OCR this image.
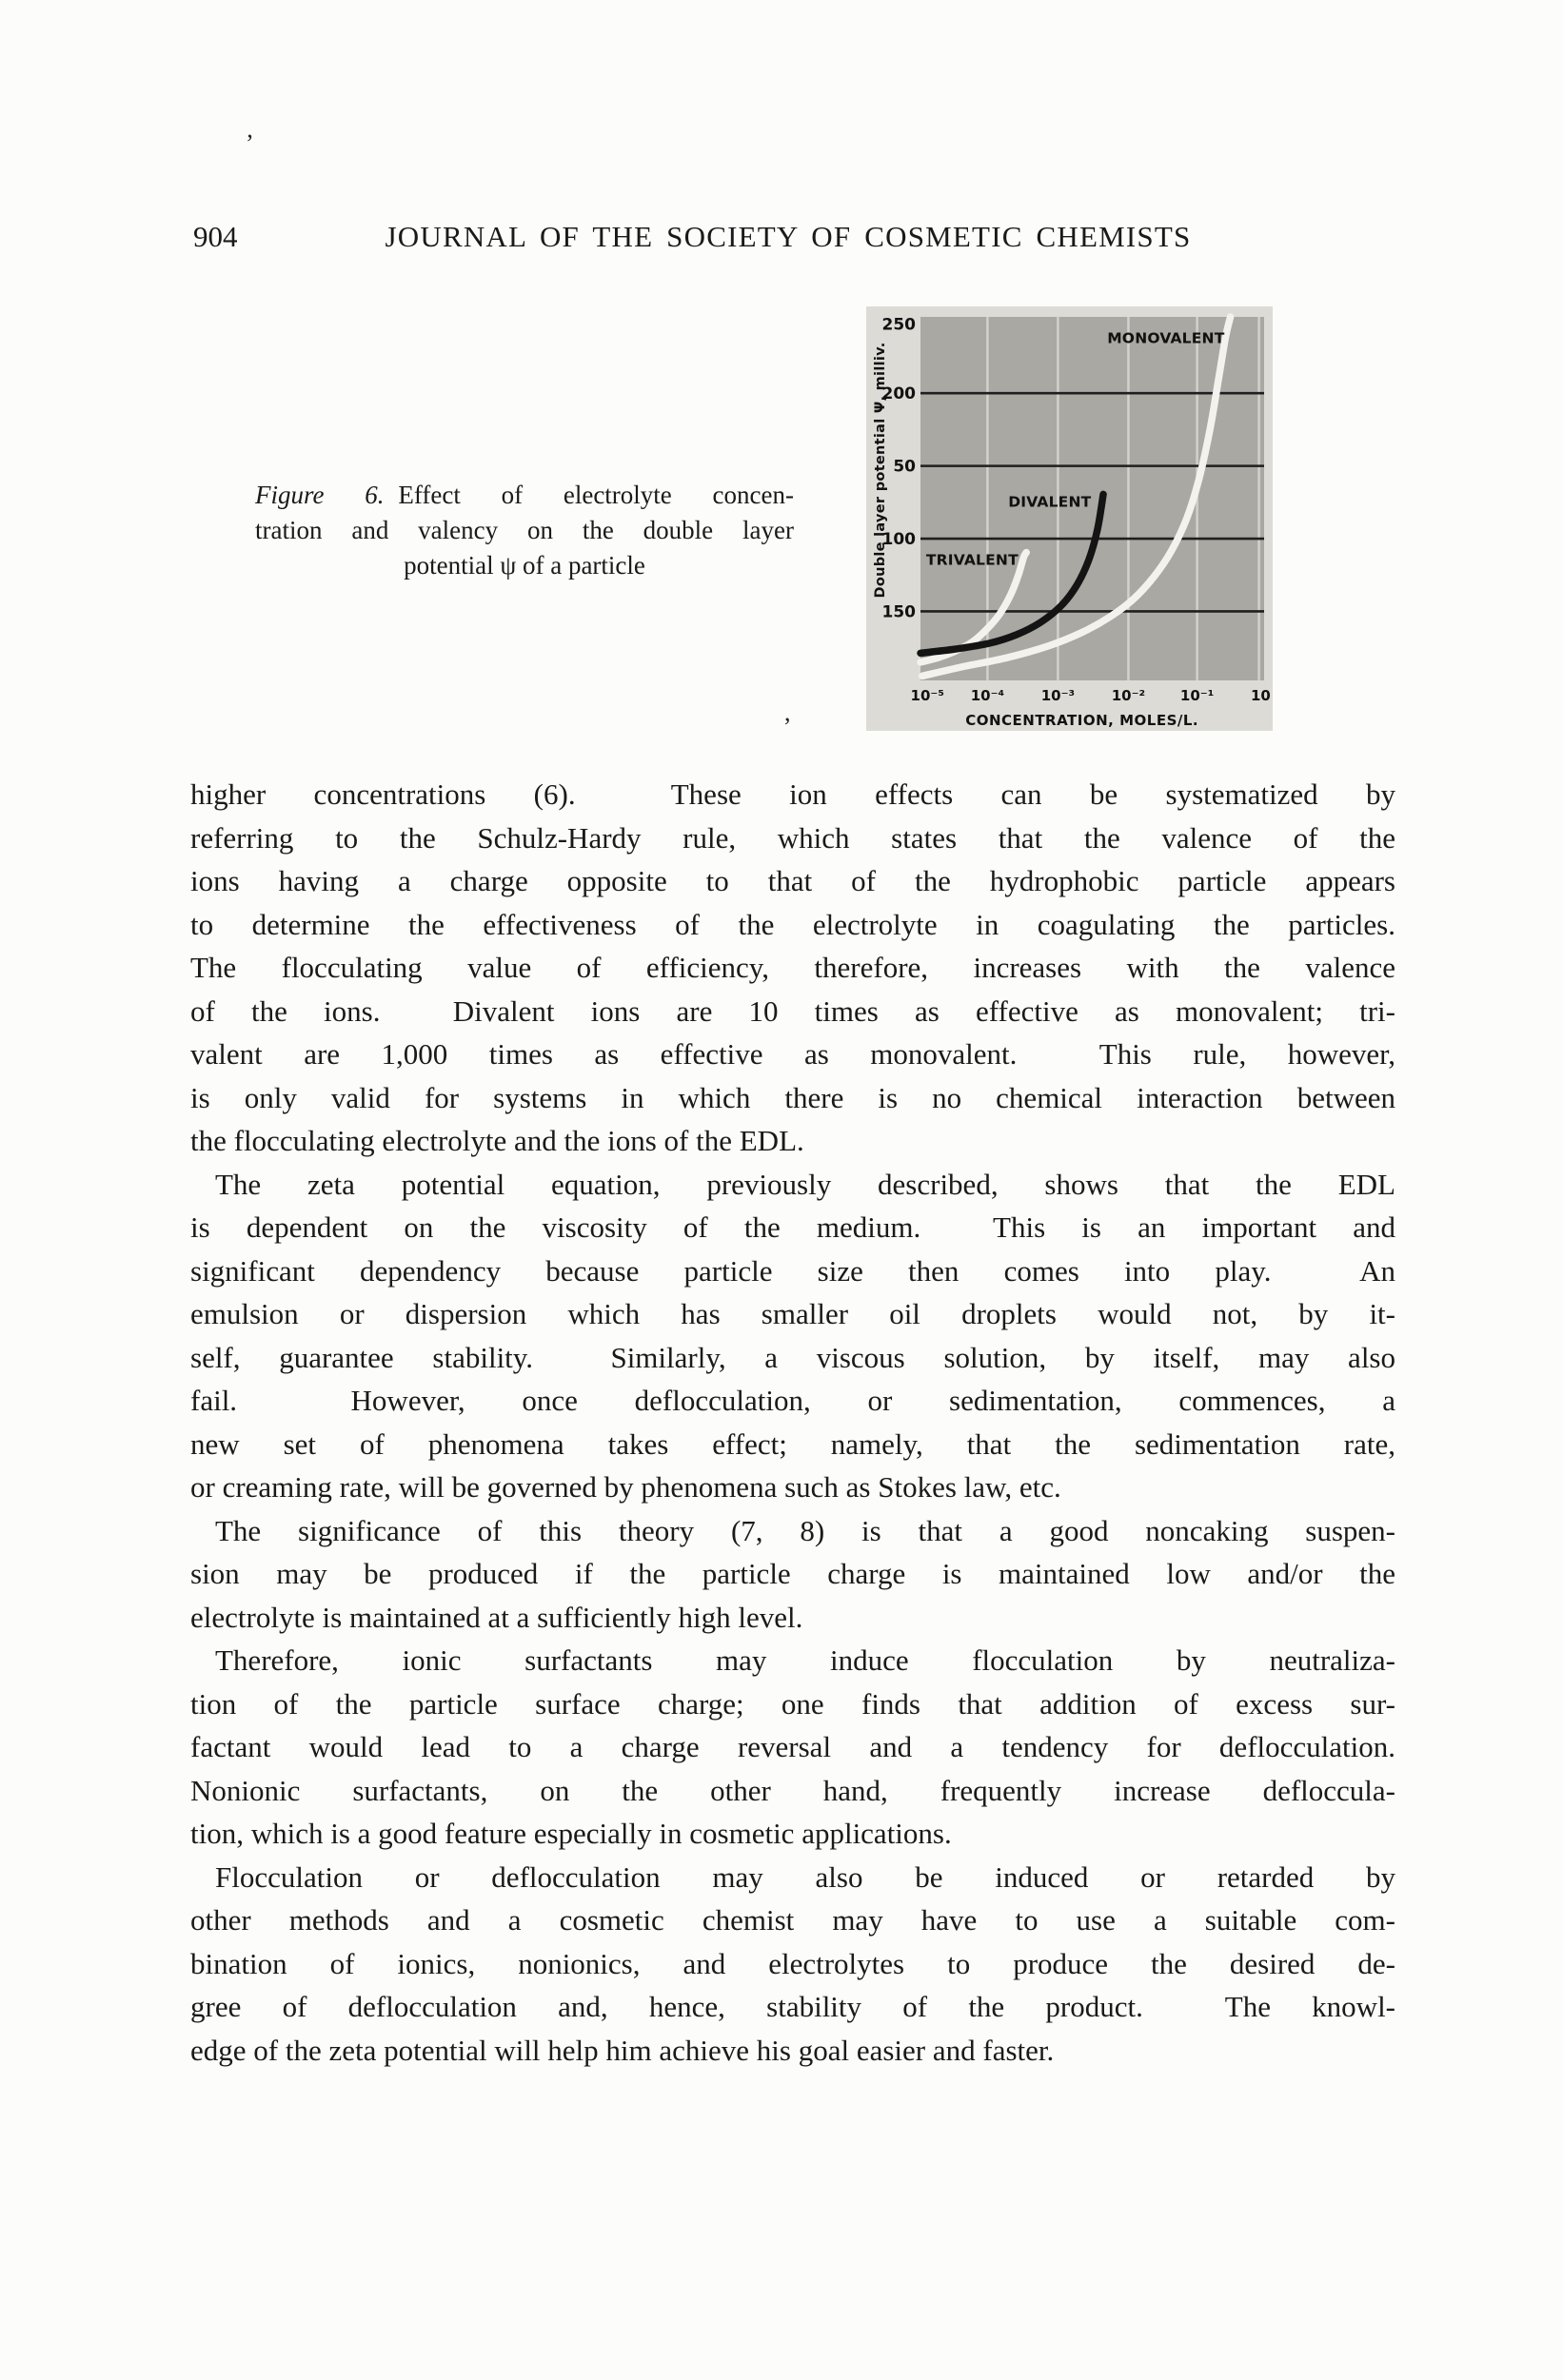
’
,
904	JOURNAL OF THE SOCIETY OF COSMETIC CHEMISTS
Figure 6. Effect of electrolyte concen-
tration and valency on the double layer
potential ψ of a particle
MONOVALENT
DIVALENT
TRIVALENT
250
200
50
100
150
10⁻⁵ 10⁻⁴	10⁻³	10⁻² 10⁻¹	10
CONCENTRATION, MOLES/L.
Double layer potential Ψ, milliv.
higher concentrations (6).  These ion effects can be systematized by
referring to the Schulz-Hardy rule, which states that the valence of the
ions having a charge opposite to that of the hydrophobic particle appears
to determine the effectiveness of the electrolyte in coagulating the particles.
The flocculating value of efficiency, therefore, increases with the valence
of the ions.  Divalent ions are 10 times as effective as monovalent; tri-
valent are 1,000 times as effective as monovalent.  This rule, however,
is only valid for systems in which there is no chemical interaction between
the flocculating electrolyte and the ions of the EDL.
The zeta potential equation, previously described, shows that the EDL
is dependent on the viscosity of the medium.  This is an important and
significant dependency because particle size then comes into play.  An
emulsion or dispersion which has smaller oil droplets would not, by it-
self, guarantee stability.  Similarly, a viscous solution, by itself, may also
fail.  However, once deflocculation, or sedimentation, commences, a
new set of phenomena takes effect; namely, that the sedimentation rate,
or creaming rate, will be governed by phenomena such as Stokes law, etc.
The significance of this theory (7, 8) is that a good noncaking suspen-
sion may be produced if the particle charge is maintained low and/or the
electrolyte is maintained at a sufficiently high level.
Therefore, ionic surfactants may induce flocculation by neutraliza-
tion of the particle surface charge; one finds that addition of excess sur-
factant would lead to a charge reversal and a tendency for deflocculation.
Nonionic surfactants, on the other hand, frequently increase defloccula-
tion, which is a good feature especially in cosmetic applications.
Flocculation or deflocculation may also be induced or retarded by
other methods and a cosmetic chemist may have to use a suitable com-
bination of ionics, nonionics, and electrolytes to produce the desired de-
gree of deflocculation and, hence, stability of the product.  The knowl-
edge of the zeta potential will help him achieve his goal easier and faster.
